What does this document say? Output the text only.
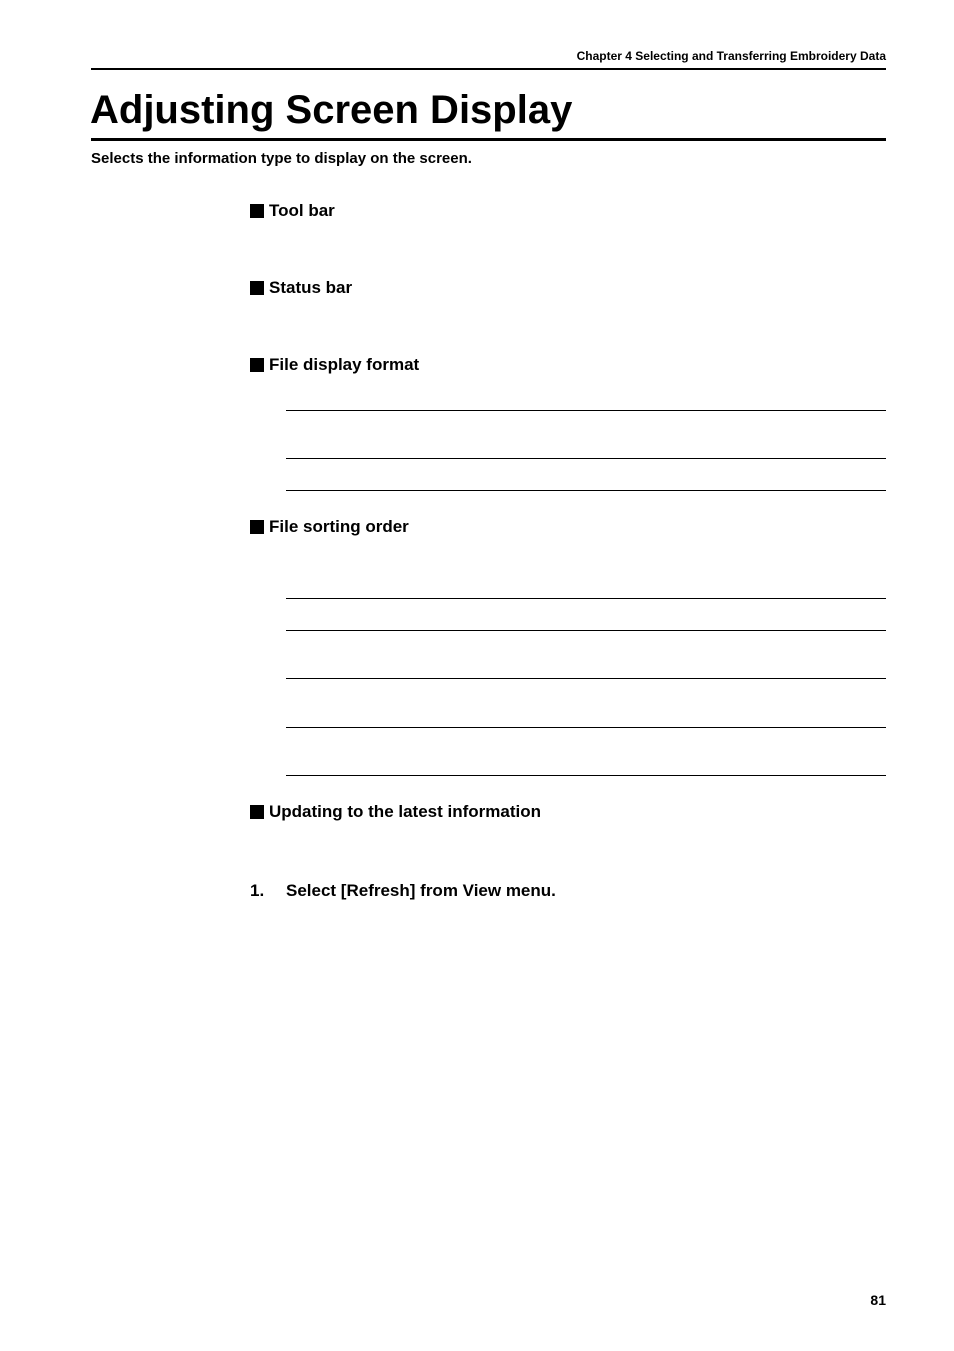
Chapter 4 Selecting and Transferring Embroidery Data
Adjusting Screen Display
Selects the information type to display on the screen.
Tool bar
Status bar
File display format
File sorting order
Updating to the latest information
1. Select [Refresh] from View menu.
81
